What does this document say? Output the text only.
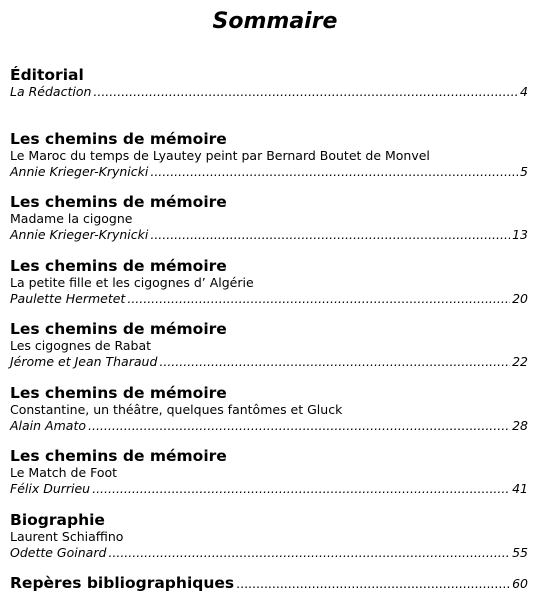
Sommaire
Éditorial
La Rédaction .....	4
Les chemins de mémoire
Le Maroc du temps de Lyautey peint par Bernard Boutet de Monvel
Annie Krieger-Krynicki .....	5
Les chemins de mémoire
Madame la cigogne
Annie Krieger-Krynicki .....	13
Les chemins de mémoire
La petite fille et les cigognes d’ Algérie
Paulette Hermetet .....	20
Les chemins de mémoire
Les cigognes de Rabat
Jérome et Jean Tharaud .....	22
Les chemins de mémoire
Constantine, un théâtre, quelques fantômes et Gluck
Alain Amato .....	28
Les chemins de mémoire
Le Match de Foot
Félix Durrieu .....	41
Biographie
Laurent Schiaffino
Odette Goinard .....	55
Repères bibliographiques .....	60
